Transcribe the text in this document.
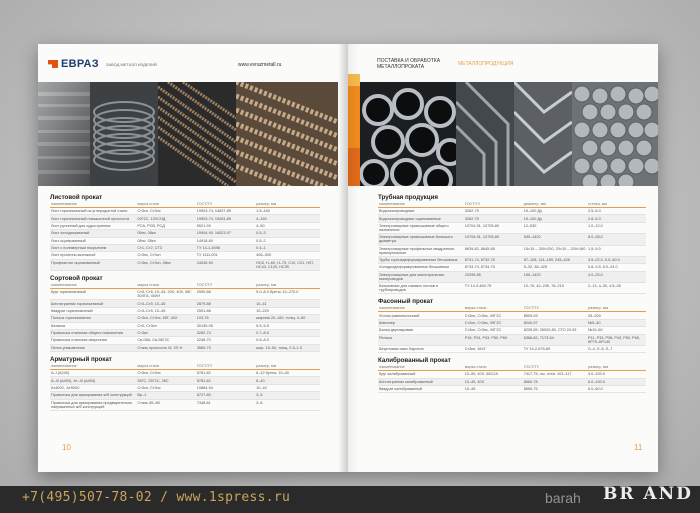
ЕВРАЗ ЗАВОД МЕТАЛЛ ИЗДЕЛИЙ	www.evrazmetall.ru
Листовой прокат
наименование	марка стали	ГОСТ/ТУ	размер, мм
Лист горячекатаный из углеродистой стали	Ст3сп, Ст3пс	19903-74, 14637-89	1.5–160
Лист горячекатаный повышенной прочности	09Г2С, 10ХСНД	19903-74, 19281-89	4–160
Лист рулонный для судостроения	РСА, РСВ, РСД	5521-93	4–50
Лист холоднокатаный	08пс, 08кп	19904-90, 16523-97	0.5–3
Лист оцинкованный	08пс, 08кп	14918-80	0.5–2
Лист с полимерным покрытием	Ст1, Ст2, СТ3	ТУ 14-1-4598	0.4–1
Лист просечно-вытяжной	Ст3пс, Ст3сп	ТУ 1111-001	406–300
Профнастил оцинкованный	Ст3пс, Ст3сп, 08пс	24045-94	НС8, Н–60, Н–75, С10, С21, Н57, НС44, С120, НС35
Сортовой прокат
наименование	марка стали	ГОСТ/ТУ	размер, мм
Круг горячекатаный	Ст5, Ст6, 10–45, 20Х, 40Х, 65Г, 30ХГА, 40ХН	2590-88	5.0–8.0 бунты; 10–270.0
Шестигранник горячекатаный	Ст3–Ст5, 10–45	2879-88	10–41
Квадрат горячекатаный	Ст3–Ст5, 10–45	2591-88	10–220
Полоса горячекатаная	Ст3сп, Ст3пс, 65Г, 40Х	103-76	ширина 20–160, толщ. 4–60
Катанка	Ст0, Ст3сп	30136-95	5.5; 6.5
Проволока стальная общего назначения	Ст3кп	3282-74	0.7–8.0
Проволока стальная сварочная	Св-08А, Св-08Г2С	2246-70	0.8–8.0
Лента упаковочная	Сталь прочность М, 2П-Н	3560-73	шир. 15–50, толщ. 0.3–1.5
Арматурный прокат
наименование	марка стали	ГОСТ/ТУ	размер, мм
A–I (A240)	Ст3сп, Ст3пс	5781-82	6–12 бунты; 10–40
A–III (A400), Ат–III (A400)	35ГС, 25Г2С, 28С	5781-82	6–40
Ат400С, Ат500С	Ст3сп, Ст3пс	10884-94	10–40
Проволока для армирования ж/б конструкций	Вр–1	6727-80	3–5
Проволока для армирования предварительно напряженных ж/б конструкций	Сталь 65–85	7348-81	3–8
10
ПОСТАВКА И ОБРАБОТКА МЕТАЛЛОПРОКАТА	МЕТАЛЛОПРОДУКЦИЯ
Трубная продукция
наименование	ГОСТ/ТУ	диаметр, мм	стенка, мм
Водогазопроводные	3262-75	15–100 Ду	2.5–5.0
Водогазопроводные оцинкованные	3262-75	15–100 Ду	2.8–5.0
Электросварные прямошовные общего назначения	10704-91, 10705-80	12–530	1.0–12.0
Электросварные прямошовные большого диаметра	10704-91, 10705-80	530–1420	8.0–28.0
Электросварные профильные квадратные, прямоугольные	8639-82, 8645-68	15×15 – 200×200, 20×10 – 200×160	1.5–9.0
Трубы горячедеформированные бесшовные	8731-74, 8732-78	57–108, 114–159, 245–426	3.5–22.0, 5.0–40.0
Холоднодеформированные бесшовные	8733-74, 8734-75	5–32, 38–325	0.8–3.5, 5.0–24.0
Электросварные для магистральных газопроводов	20295-85	159–1420	4.0–25.0
Бесшовные для газовых котлов и трубопроводов	ТУ 14-3-460-75	10–76, 42–245, 76–219	2–13, 4–30, 4.5–28
Фасонный прокат
наименование	марка стали	ГОСТ/ТУ	размер, мм
Уголок равнополочный	Ст3сп, Ст3пс, 09Г2С	8509-93	25–200
Швеллер	Ст3сп, Ст3пс, 09Г2С	8240-97	№5–40
Балка двутавровая	Ст3сп, Ст3пс, 09Г2С	8239-89, 26020-83, СТО 20-93	№10–60
Рельсы	Р18, Р24, Р43, Р50, Р65	6368-82, 7173-54	Р11, Р33, Р38, Р43, Р50, Р65, КР70–КР140
Шпунтовая сваи Ларсена	Ст3кп, 16ХГ	ТУ 14-2-675-89	Л–4, Л–5, Л–7
Калиброванный прокат
наименование	марка стали	ГОСТ/ТУ	размер, мм
Круг калиброванный	10–50, 40Х, 65С2А	7417-75, гос. плит. 103–117	3.0–100.0
Шестигранник калиброванный	10–45, 40Х	8560-78	6.0–100.0
Квадрат калиброванный	10–45	8559-75	6.0–60.0
11
+7(495)507-78-02 / www.1spress.ru	barah BR AND
